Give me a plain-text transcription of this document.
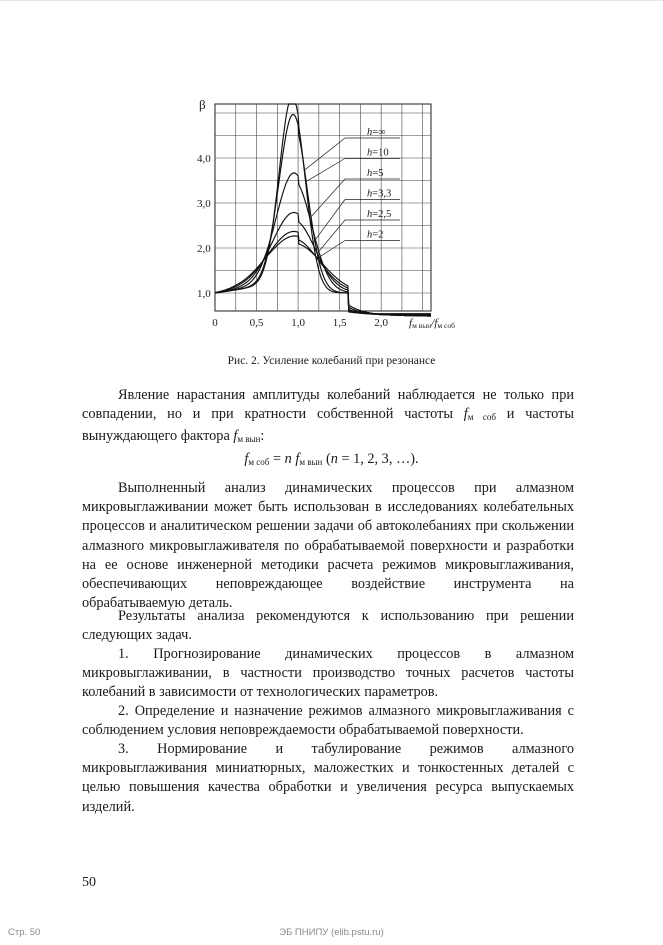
β
h=∞
h=10
h=5
h=3,3
h=2,5
h=2
1,0
2,0
3,0
4,0
0	0,5	1,0	1,5	2,0 fм вын/fм соб
Рис. 2. Усиление колебаний при резонансе

Явление нарастания амплитуды колебаний наблюдается не только при совпадении, но и при кратности собственной частоты $f_{м соб}$ и частоты вынуждающего фактора $f_{м вын}$:

$f_{м соб} = n$ $f_{м вын}$ (n = 1, 2, 3, …).

Выполненный анализ динамических процессов при алмазном микровыглаживании может быть использован в исследованиях колебательных процессов и аналитическом решении задачи об автоколебаниях при скольжении алмазного микровыглаживателя по обрабатываемой поверхности и разработки на ее основе инженерной методики расчета режимов микровыглаживания, обеспечивающих неповреждающее воздействие инструмента на обрабатываемую деталь.

Результаты анализа рекомендуются к использованию при решении следующих задач.

1. Прогнозирование динамических процессов в алмазном микровыглаживании, в частности производство точных расчетов частоты колебаний в зависимости от технологических параметров.

2. Определение и назначение режимов алмазного микровыглаживания с соблюдением условия неповреждаемости обрабатываемой поверхности.

3. Нормирование и табулирование режимов алмазного микровыглаживания миниатюрных, маложестких и тонкостенных деталей с целью повышения качества обработки и увеличения ресурса выпускаемых изделий.

50
Стр. 50	ЭБ ПНИПУ (elib.pstu.ru)
